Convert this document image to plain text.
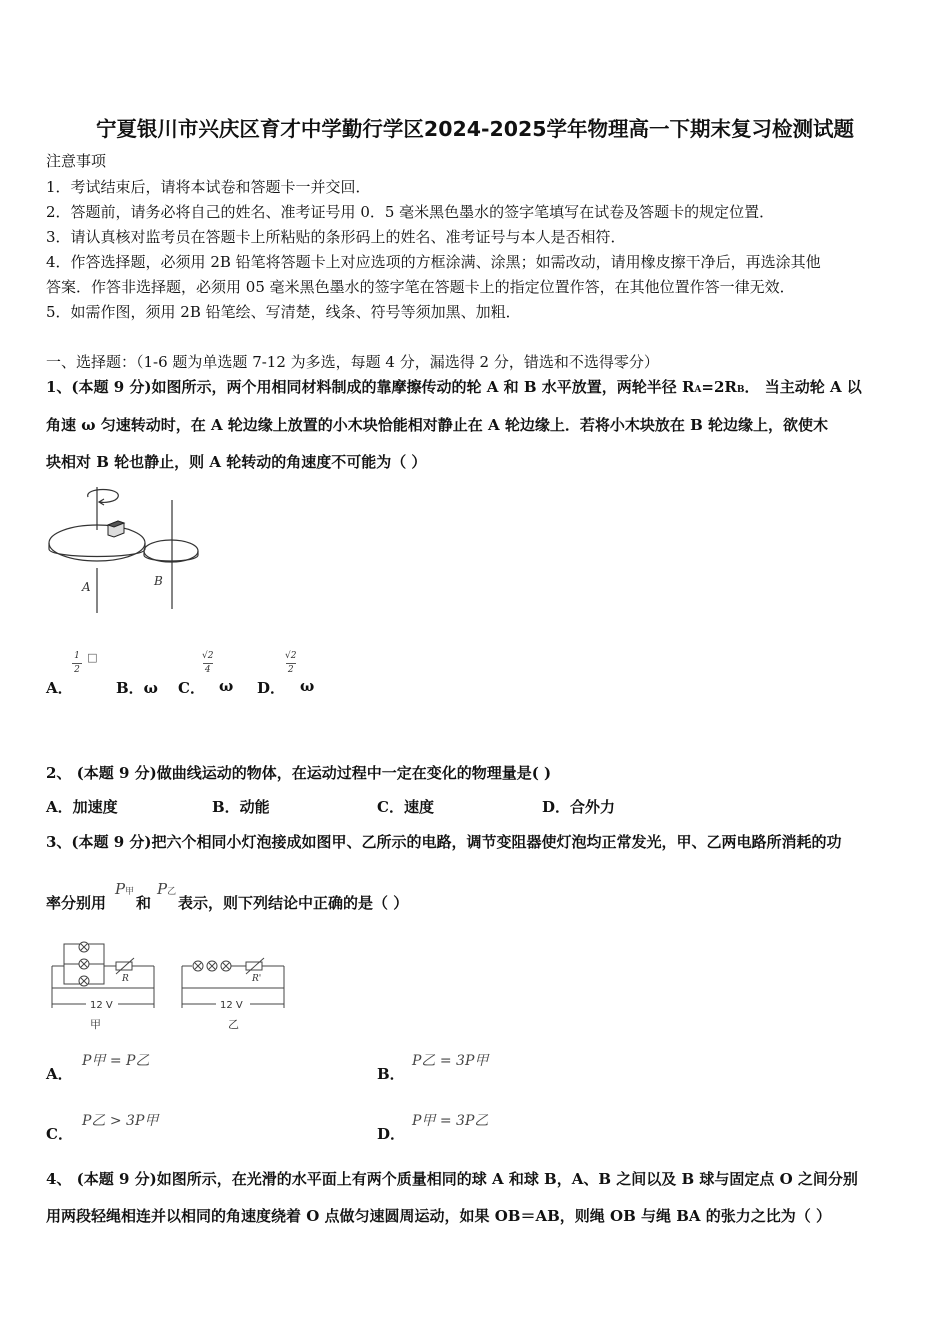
宁夏银川市兴庆区育才中学勤行学区2024-2025学年物理高一下期末复习检测试题
注意事项
1．考试结束后，请将本试卷和答题卡一并交回．
2．答题前，请务必将自己的姓名、准考证号用 0．5 毫米黑色墨水的签字笔填写在试卷及答题卡的规定位置．
3．请认真核对监考员在答题卡上所粘贴的条形码上的姓名、准考证号与本人是否相符．
4．作答选择题，必须用 2B 铅笔将答题卡上对应选项的方框涂满、涂黑；如需改动，请用橡皮擦干净后，再选涂其他
答案．作答非选择题，必须用 05 毫米黑色墨水的签字笔在答题卡上的指定位置作答，在其他位置作答一律无效．
5．如需作图，须用 2B 铅笔绘、写清楚，线条、符号等须加黑、加粗．
一、选择题：（1-6 题为单选题 7-12 为多选，每题 4 分，漏选得 2 分，错选和不选得零分）
1、(本题 9 分)如图所示，两个用相同材料制成的靠摩擦传动的轮 A 和 B 水平放置，两轮半径 RA=2RB． 当主动轮 A 以
角速 ω 匀速转动时，在 A 轮边缘上放置的小木块恰能相对静止在 A 轮边缘上．若将小木块放在 B 轮边缘上，欲使木
块相对 B 轮也静止，则 A 轮转动的角速度不可能为（ ）
A	B
A．
$\frac{1}{2} ^□$
B．ω C．
$\frac{√2}{4}$
ω D．
$\frac{√2}{2}$
ω
2、 (本题 9 分)做曲线运动的物体，在运动过程中一定在变化的物理量是( )
A．加速度	B．动能	C．速度	D．合外力
3、(本题 9 分)把六个相同小灯泡接成如图甲、乙所示的电路，调节变阻器使灯泡均正常发光，甲、乙两电路所消耗的功
率分别用
P甲
和
P乙
表示，则下列结论中正确的是（ ）
R	R'
12 V	12 V
甲	乙
A．
P甲 = P乙
B．
P乙 = 3P甲
C．
P乙 > 3P甲
D．
P甲 = 3P乙
4、 (本题 9 分)如图所示，在光滑的水平面上有两个质量相同的球 A 和球 B，A、B 之间以及 B 球与固定点 O 之间分别
用两段轻绳相连并以相同的角速度绕着 O 点做匀速圆周运动，如果 OB＝AB，则绳 OB 与绳 BA 的张力之比为（ ）
